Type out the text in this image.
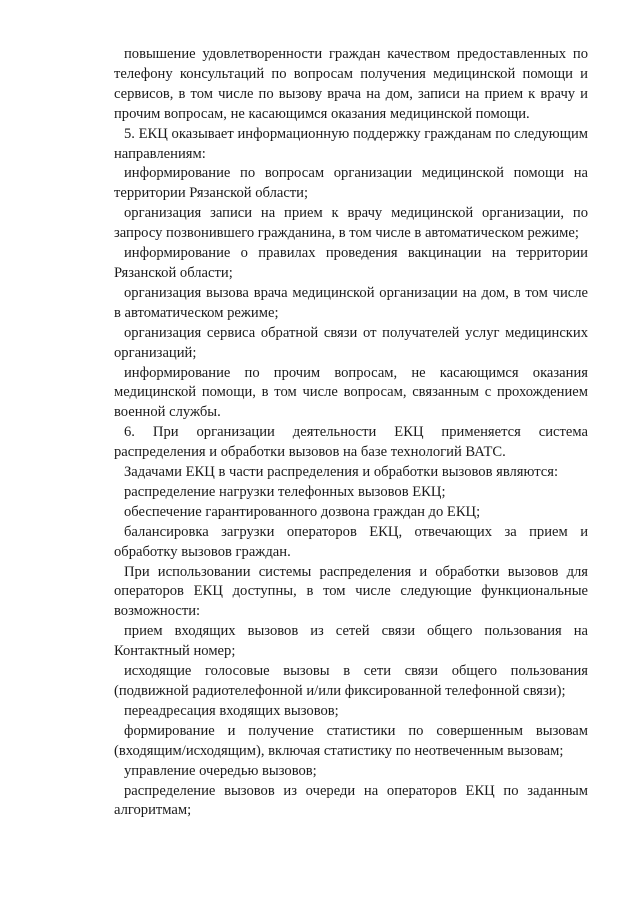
повышение удовлетворенности граждан качеством предоставленных по телефону консультаций по вопросам получения медицинской помощи и сервисов, в том числе по вызову врача на дом, записи на прием к врачу и прочим вопросам, не касающимся оказания медицинской помощи.

5. ЕКЦ оказывает информационную поддержку гражданам по следующим направлениям:

информирование по вопросам организации медицинской помощи на территории Рязанской области;

организация записи на прием к врачу медицинской организации, по запросу позвонившего гражданина, в том числе в автоматическом режиме;

информирование о правилах проведения вакцинации на территории Рязанской области;

организация вызова врача медицинской организации на дом, в том числе в автоматическом режиме;

организация сервиса обратной связи от получателей услуг медицинских организаций;

информирование по прочим вопросам, не касающимся оказания медицинской помощи, в том числе вопросам, связанным с прохождением военной службы.

6. При организации деятельности ЕКЦ применяется система распределения и обработки вызовов на базе технологий ВАТС.

Задачами ЕКЦ в части распределения и обработки вызовов являются:

распределение нагрузки телефонных вызовов ЕКЦ;

обеспечение гарантированного дозвона граждан до ЕКЦ;

балансировка загрузки операторов ЕКЦ, отвечающих за прием и обработку вызовов граждан.

При использовании системы распределения и обработки вызовов для операторов ЕКЦ доступны, в том числе следующие функциональные возможности:

прием входящих вызовов из сетей связи общего пользования на Контактный номер;

исходящие голосовые вызовы в сети связи общего пользования (подвижной радиотелефонной и/или фиксированной телефонной связи);

переадресация входящих вызовов;

формирование и получение статистики по совершенным вызовам (входящим/исходящим), включая статистику по неотвеченным вызовам;

управление очередью вызовов;

распределение вызовов из очереди на операторов ЕКЦ по заданным алгоритмам;
